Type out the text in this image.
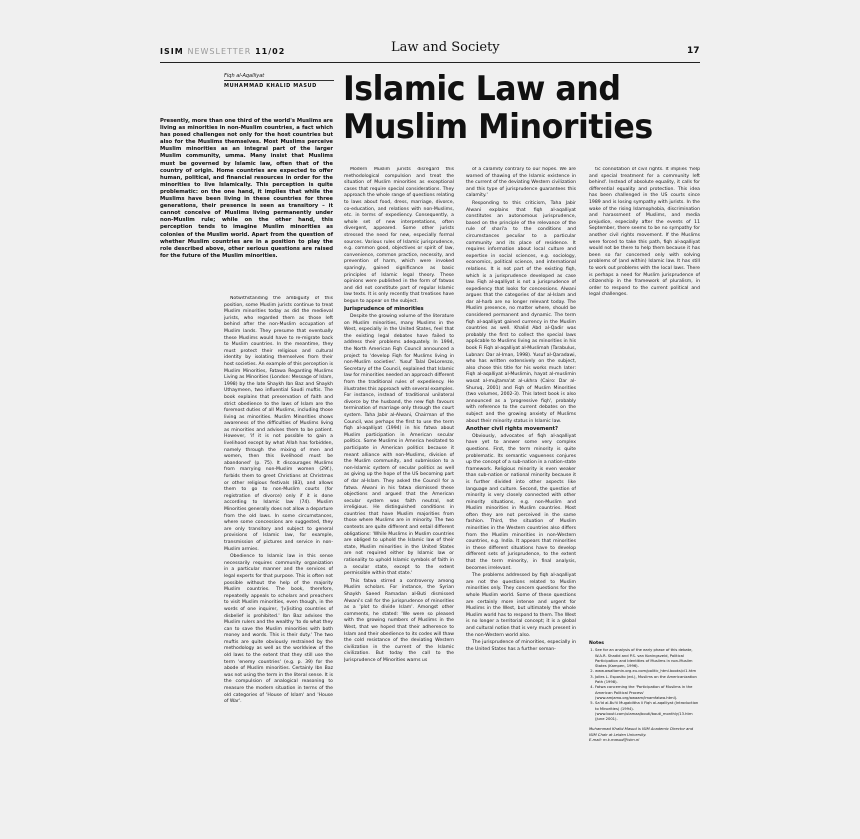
ISIM NEWSLETTER 11/02	Law and Society	17
Fiqh al-Aqalliyat
MUHAMMAD KHALID MASUD Islamic Law and
Muslim Minorities
Presently, more than one third of the world's Muslims are living as minorities in non-Muslim countries, a fact which has posed challenges not only for the host countries but also for the Muslims themselves. Most Muslims perceive Muslim minorities as an integral part of the larger Muslim community, umma. Many insist that Muslims must be governed by Islamic law, often that of the country of origin. Home countries are expected to offer human, political, and financial resources in order for the minorities to live Islamically. This perception is quite problematic: on the one hand, it implies that while the Muslims have been living in these countries for three generations, their presence is seen as transitory – it cannot conceive of Muslims living permanently under non-Muslim rule; while on the other hand, this perception tends to imagine Muslim minorities as colonies of the Muslim world. Apart from the question of whether Muslim countries are in a position to play the role described above, other serious questions are raised for the future of the Muslim minorities.

Notwithstanding the ambiguity of this position, some Muslim jurists continue to treat Muslim minorities today as did the medieval jurists, who regarded them as those left behind after the non-Muslim occupation of Muslim lands. They presume that eventually these Muslims would have to re-migrate back to Muslim countries. In the meantime, they must protect their religious and cultural identity by isolating themselves from their host societies. An example of this perception is Muslim Minorities, Fatawa Regarding Muslims Living as Minorities (London: Message of Islam, 1998) by the late Shaykh Ibn Baz and Shaykh Uthaymeen, two influential Saudi muftis. The book explains that preservation of faith and strict obedience to the laws of Islam are the foremost duties of all Muslims, including those living as minorities. Muslim Minorities shows awareness of the difficulties of Muslims living as minorities and advises them to be patient. However, 'if it is not possible to gain a livelihood except by what Allah has forbidden, namely through the mixing of men and women, then this livelihood must be abandoned' (p. 75). It discourages Muslims from marrying non-Muslim women (29f.), forbids them to greet Christians at Christmas or other religious festivals (83), and allows them to go to non-Muslim courts (for registration of divorce) only if it is done according to Islamic law (74). Muslim Minorities generally does not allow a departure from the old laws. In some circumstances, where some concessions are suggested, they are only transitory and subject to general provisions of Islamic law, for example, transmission of pictures and service in non-Muslim armies.

Obedience to Islamic law in this sense necessarily requires community organization in a particular manner and the services of legal experts for that purpose. This is often not possible without the help of the majority Muslim countries. The book, therefore, repeatedly appeals to scholars and preachers to visit Muslim minorities, even though, in the words of one inquirer, '[v]isiting countries of disbelief is prohibited.' Ibn Baz advises the Muslim rulers and the wealthy 'to do what they can to save the Muslim minorities with both money and words. This is their duty.' The two muftis are quite obviously restrained by the methodology as well as the worldview of the old laws to the extent that they still use the term 'enemy countries' (e.g. p. 39) for the abode of Muslim minorities. Certainly Ibn Baz was not using the term in the literal sense. It is the compulsion of analogical reasoning to measure the modern situation in terms of the old categories of 'House of Islam' and 'House of War'.

Modern Muslim jurists disregard this methodological compulsion and treat the situation of Muslim minorities as exceptional cases that require special considerations. They approach the whole range of questions relating to laws about food, dress, marriage, divorce, co-education, and relations with non-Muslims, etc. in terms of expediency. Consequently, a whole set of new interpretations, often divergent, appeared. Some other jurists stressed the need for new, especially formal sources. Various rules of Islamic jurisprudence, e.g. common good, objectives or spirit of law, convenience, common practice, necessity, and prevention of harm, which were invoked sparingly, gained significance as basic principles of Islamic legal theory. These opinions were published in the form of fatwas and did not constitute part of regular Islamic law texts. It is only recently that treatises have begun to appear on the subject.

Jurisprudence of minorities

Despite the growing volume of the literature on Muslim minorities, many Muslims in the West, especially in the United States, feel that the existing legal debates have failed to address their problems adequately. In 1994, the North American Fiqh Council announced a project to 'develop Fiqh for Muslims living in non-Muslim societies'. Yusuf Talal DeLorenzo, Secretary of the Council, explained that Islamic law for minorities needed an approach different from the traditional rules of expediency. He illustrates this approach with several examples. For instance, instead of traditional unilateral divorce by the husband, the new fiqh favours termination of marriage only through the court system. Taha Jabir al-Alwani, Chairman of the Council, was perhaps the first to use the term fiqh al-aqalliyat (1994) in his fatwa about Muslim participation in American secular politics. Some Muslims in America hesitated to participate in American politics because it meant alliance with non-Muslims, division of the Muslim community, and submission to a non-Islamic system of secular politics as well as giving up the hope of the US becoming part of dar al-Islam. They asked the Council for a fatwa. Alwani in his fatwa dismissed these objections and argued that the American secular system was faith neutral, not irreligious. He distinguished conditions in countries that have Muslim majorities from those where Muslims are in minority. The two contexts are quite different and entail different obligations: 'While Muslims in Muslim countries are obliged to uphold the Islamic law of their state, Muslim minorities in the United States are not required either by Islamic law or rationality to uphold Islamic symbols of faith in a secular state, except to the extent permissible within that state.'

This fatwa stirred a controversy among Muslim scholars. For instance, the Syrian Shaykh Saeed Ramadan al-Buti dismissed Alwani's call for the jurisprudence of minorities as a 'plot to divide Islam'. Amongst other comments, he stated: 'We were so pleased with the growing numbers of Muslims in the West, that we hoped that their adherence to Islam and their obedience to its codes will thaw the cold resistance of the deviating Western civilization in the current of the Islamic civilization. But today the call to the Jurisprudence of Minorities warns us

of a calamity contrary to our hopes. We are warned of thawing of the Islamic existence in the current of the deviating Western civilization and this type of jurisprudence guarantees this calamity.'

Responding to this criticism, Taha Jabir Alwani explains that fiqh al-aqalliyat constitutes an autonomous jurisprudence, based on the principle of the relevance of the rule of shari'a to the conditions and circumstances peculiar to a particular community and its place of residence. It requires information about local culture and expertise in social sciences, e.g. sociology, economics, political science, and international relations. It is not part of the existing fiqh, which is a jurisprudence developed as case law. Fiqh al-aqalliyat is not a jurisprudence of expediency that looks for concessions. Alwani argues that the categories of dar al-Islam and dar al-harb are no longer relevant today. The Muslim presence, no matter where, should be considered permanent and dynamic. The term fiqh al-aqalliyat gained currency in the Muslim countries as well. Khalid Abd al-Qadir was probably the first to collect the special laws applicable to Muslims living as minorities in his book Fi Fiqh al-aqalliyat al-Muslimah (Tarabulus, Lubnan: Dar al-Iman, 1998). Yusuf al-Qaradawi, who has written extensively on the subject, also chose this title for his works much later: Fiqh al-aqalliyat al-Muslimin, hayat al-muslimin wasat al-mujtama'at al-ukhra (Cairo: Dar al-Shuruq, 2001) and Fiqh of Muslim Minorities (two volumes, 2002-3). This latest book is also announced as a 'progressive fiqh', probably with reference to the current debates on the subject and the growing anxiety of Muslims about their minority status in Islamic law.

Another civil rights movement?

Obviously, advocates of fiqh al-aqalliyat have yet to answer some very complex questions. First, the term minority is quite problematic. Its semantic vagueness conjures up the concept of a sub-nation in a nation-state framework. Religious minority is even weaker than sub-nation or national minority because it is further divided into other aspects like language and culture. Second, the question of minority is very closely connected with other minority situations, e.g. non-Muslim and Muslim minorities in Muslim countries. Most often they are not perceived in the same fashion. Third, the situation of Muslim minorities in the Western countries also differs from the Muslim minorities in non-Western countries, e.g. India. It appears that minorities in these different situations have to develop different sets of jurisprudence, to the extent that the term minority, in final analysis, becomes irrelevant.

The problems addressed by fiqh al-aqalliyat are not the questions related to Muslim minorities only. They concern questions for the whole Muslim world. Some of these questions are certainly more intense and urgent for Muslims in the West, but ultimately the whole Muslim world has to respond to them. The West is no longer a territorial concept; it is a global and cultural notion that is very much present in the non-Western world also.

The jurisprudence of minorities, especially in the United States has a further seman-

tic connotation of civil rights. It implies 'help and special treatment for a community left behind'. Instead of absolute equality, it calls for differential equality and protection. This idea has been challenged in the US courts since 1989 and is losing sympathy with jurists. In the wake of the rising Islamophobia, discrimination and harassment of Muslims, and media prejudice, especially after the events of 11 September, there seems to be no sympathy for another civil rights movement. If the Muslims were forced to take this path, fiqh al-aqalliyat would not be there to help them because it has been so far concerned only with solving problems of (and within) Islamic law. It has still to work out problems with the local laws. There is perhaps a need for Muslim jurisprudence of citizenship in the framework of pluralism, in order to respond to the current political and legal challenges.

Notes
1. See for an analysis of the early phase of this debate, W.A.R. Shadid and P.S. van Koningsveld, Political Participation and Identities of Muslims in non-Muslim States (Kampen, 1996).
2. www.awaltamin.org.eu.com/politic_html.books/ci1.htm
3. Jolles L. Esposito (ed.), Muslims on the Americanization Path (1998).
4. Fatwa concerning the 'Participation of Muslims in the American Political Process' (www.amjamo.org/awaam/imamfatwa.html).
5. Sa'id al-Bu'ti Mugabiltha li Fiqh al-aqalliyat (Introduction to Minorities) (1994). (www.bouti.com/ulamaa/bouti/bouti_monthly/13.htm (June 2001).
Muhammad Khalid Masud is ISIM Academic Director and ISIM Chair at Leiden University.
E-mail: m.k.masud@isim.nl
